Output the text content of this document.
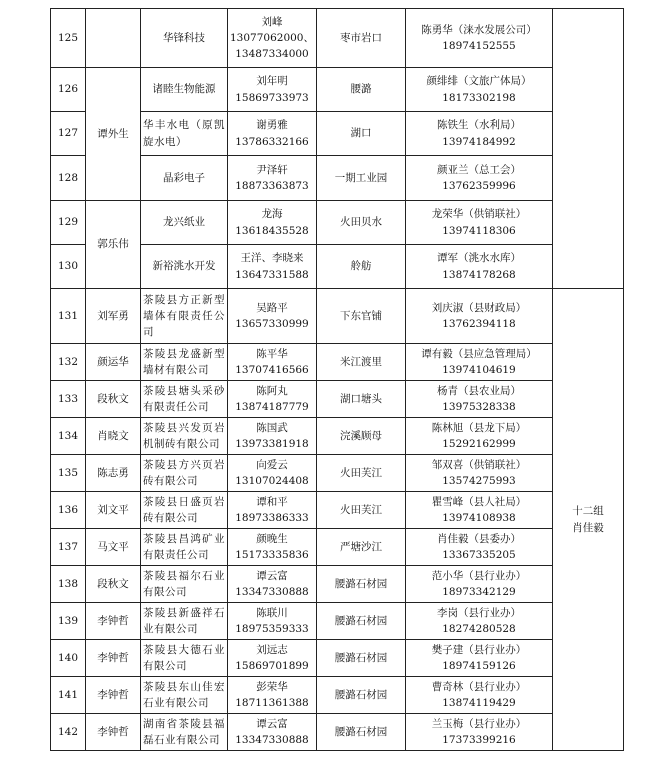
125		华锋科技	刘峰
13077062000、
13487334000	枣市岩口	陈勇华（涞水发展公司）
18974152555	

126	谭外生	诸睦生物能源	刘年明
15869733973	腰潞	颜绯绯（文旅广体局）
18173302198	

127		华丰水电（原凯旋水电）	谢勇雅
13786332166	湖口	陈铁生（水利局）
13974184992	

128		晶彩电子	尹泽轩
18873363873	一期工业园	颜亚兰（总工会）
13762359996	

129	郭乐伟	龙兴纸业	龙海
13618435528	火田贝水	龙荣华（供销联社）
13974118306	

130		新裕洮水开发	王洋、李晓来
13647331588	舲舫	谭军（洮水水库）
13874178268	

131	刘军勇	茶陵县方正新型墙体有限责任公司	吴路平
13657330999	下东官铺	刘庆淑（县财政局）
13762394118	十二组
肖佳毅

132	颜运华	茶陵县龙盛新型墙材有限公司	陈平华
13707416566	米江渡里	谭有毅（县应急管理局）
13974104619	

133	段秋文	茶陵县塘头采砂有限责任公司	陈阿丸
13874187779	湖口塘头	杨青（县农业局）
13975328338	

134	肖晓文	茶陵县兴发页岩机制砖有限公司	陈国武
13973381918	浣溪顾母	陈林旭（县龙下局）
15292162999	

135	陈志勇	茶陵县方兴页岩砖有限公司	向爱云
13107024408	火田芙江	邹双喜（供销联社）
13574275993	

136	刘文平	茶陵县日盛页岩砖有限公司	谭和平
18973386333	火田芙江	瞿雪峰（县人社局）
13974108938	

137	马文平	茶陵县昌鸿矿业有限责任公司	颜晚生
15173335836	严塘沙江	肖佳毅（县委办）
13367335205	

138	段秋文	茶陵县福尔石业有限公司	谭云富
13347330888	腰潞石材园	范小华（县行业办）
18973342129	

139	李钟哲	茶陵县新盛祥石业有限公司	陈联川
18975359333	腰潞石材园	李岗（县行业办）
18274280528	

140	李钟哲	茶陵县大德石业有限公司	刘远志
15869701899	腰潞石材园	樊子建（县行业办）
18974159126	

141	李钟哲	茶陵县东山佳宏石业有限公司	彭荣华
18711361388	腰潞石材园	曹奇林（县行业办）
13874119429	

142	李钟哲	湖南省茶陵县福磊石业有限公司	谭云富
13347330888	腰潞石材园	兰玉梅（县行业办）
17373399216	
